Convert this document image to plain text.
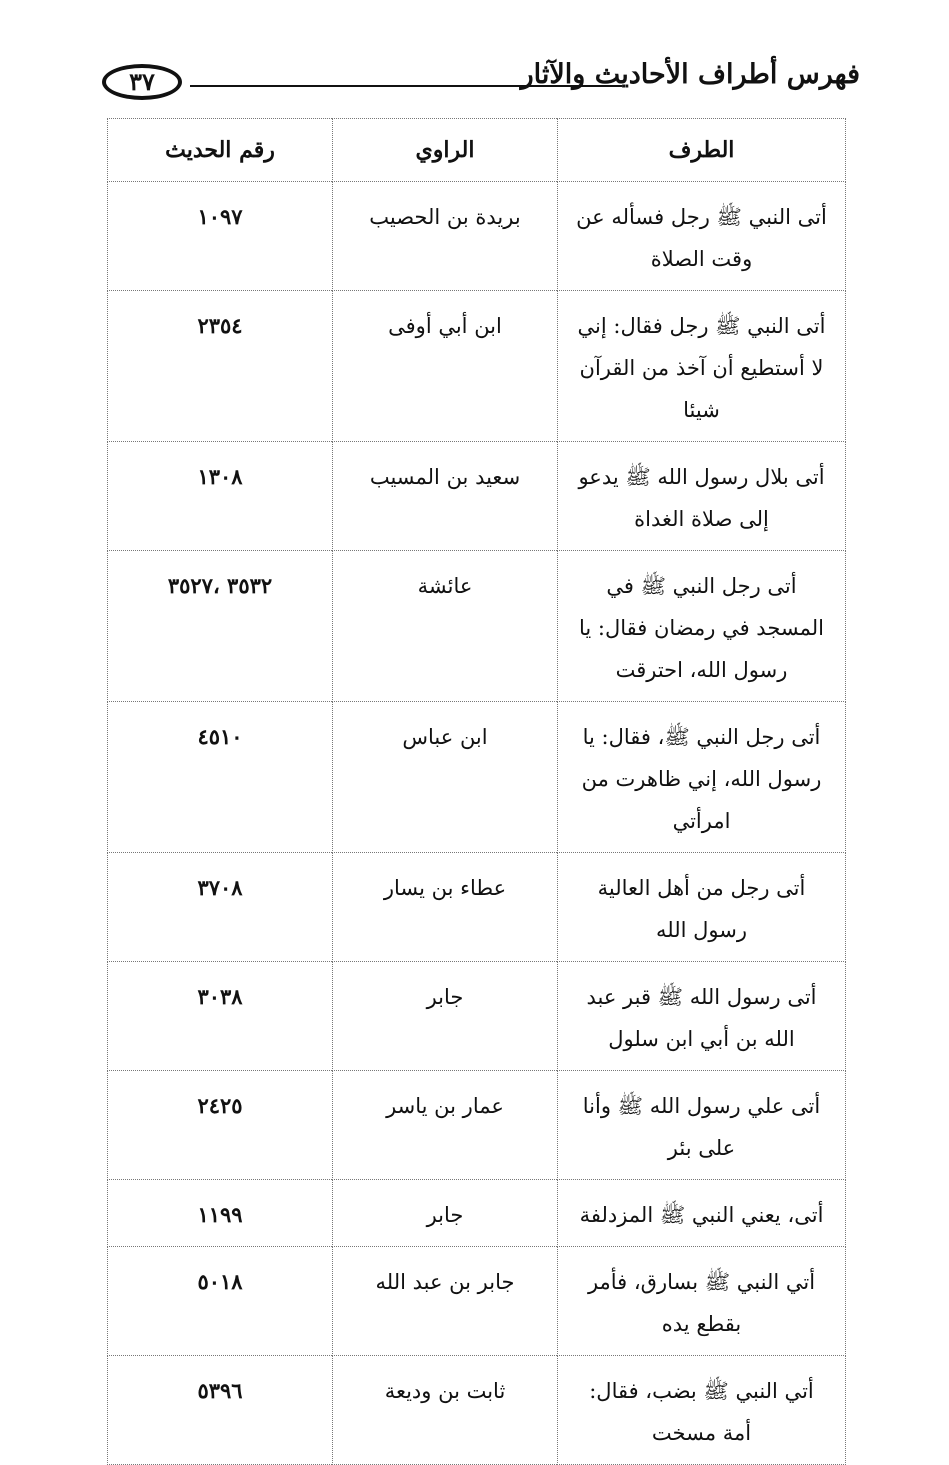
٣٧	فهرس أطراف الأحاديث والآثار
الطرف	الراوي	رقم الحديث
أتى النبي ﷺ رجل فسأله عن وقت الصلاة	بريدة بن الحصيب	١٠٩٧
أتى النبي ﷺ رجل فقال: إني لا أستطيع أن آخذ من القرآن شيئا	ابن أبي أوفى	٢٣٥٤
أتى بلال رسول الله ﷺ يدعو إلى صلاة الغداة	سعيد بن المسيب	١٣٠٨
أتى رجل النبي ﷺ في المسجد في رمضان فقال: يا رسول الله، احترقت	عائشة	٣٥٣٢ ،٣٥٢٧
أتى رجل النبي ﷺ، فقال: يا رسول الله، إني ظاهرت من امرأتي	ابن عباس	٤٥١٠
أتى رجل من أهل العالية رسول الله	عطاء بن يسار	٣٧٠٨
أتى رسول الله ﷺ قبر عبد الله بن أبي ابن سلول	جابر	٣٠٣٨
أتى علي رسول الله ﷺ وأنا على بئر	عمار بن ياسر	٢٤٢٥
أتى، يعني النبي ﷺ المزدلفة	جابر	١١٩٩
أتي النبي ﷺ بسارق، فأمر بقطع يده	جابر بن عبد الله	٥٠١٨
أتي النبي ﷺ بضب، فقال: أمة مسخت	ثابت بن وديعة	٥٣٩٦
